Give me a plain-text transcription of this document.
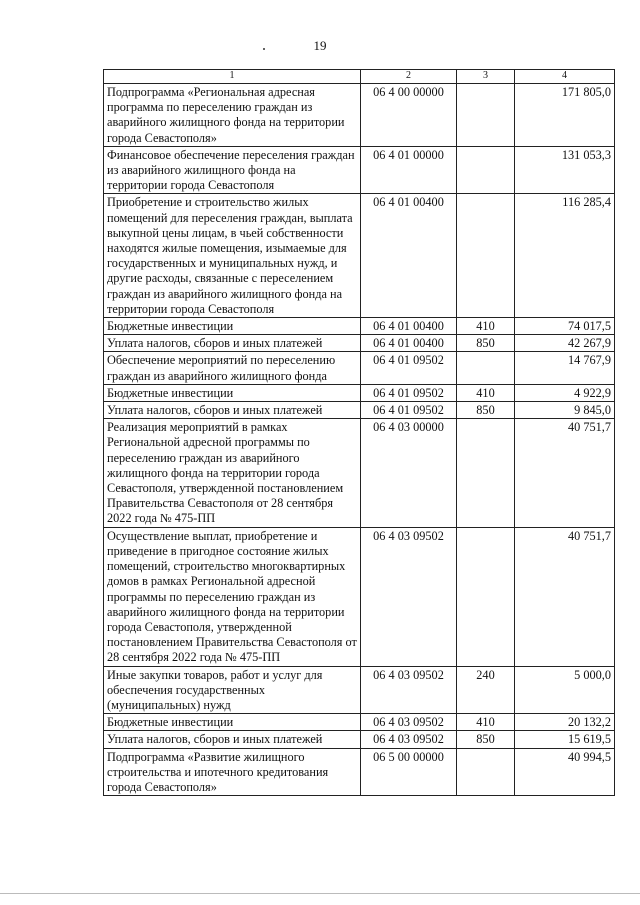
19
1	2	3	4
Подпрограмма «Региональная адресная программа по переселению граждан из аварийного жилищного фонда на территории города Севастополя»	06 4 00 00000		171 805,0
Финансовое обеспечение переселения граждан из аварийного жилищного фонда на территории города Севастополя	06 4 01 00000		131 053,3
Приобретение и строительство жилых помещений для переселения граждан, выплата выкупной цены лицам, в чьей собственности находятся жилые помещения, изымаемые для государственных и муниципальных нужд, и другие расходы, связанные с переселением граждан из аварийного жилищного фонда на территории города Севастополя	06 4 01 00400		116 285,4
Бюджетные инвестиции	06 4 01 00400	410	74 017,5
Уплата налогов, сборов и иных платежей	06 4 01 00400	850	42 267,9
Обеспечение мероприятий по переселению граждан из аварийного жилищного фонда	06 4 01 09502		14 767,9
Бюджетные инвестиции	06 4 01 09502	410	4 922,9
Уплата налогов, сборов и иных платежей	06 4 01 09502	850	9 845,0
Реализация мероприятий в рамках Региональной адресной программы по переселению граждан из аварийного жилищного фонда на территории города Севастополя, утвержденной постановлением Правительства Севастополя от 28 сентября 2022 года № 475-ПП	06 4 03 00000		40 751,7
Осуществление выплат, приобретение и приведение в пригодное состояние жилых помещений, строительство многоквартирных домов в рамках Региональной адресной программы по переселению граждан из аварийного жилищного фонда на территории города Севастополя, утвержденной постановлением Правительства Севастополя от 28 сентября 2022 года № 475-ПП	06 4 03 09502		40 751,7
Иные закупки товаров, работ и услуг для обеспечения государственных (муниципальных) нужд	06 4 03 09502	240	5 000,0
Бюджетные инвестиции	06 4 03 09502	410	20 132,2
Уплата налогов, сборов и иных платежей	06 4 03 09502	850	15 619,5
Подпрограмма «Развитие жилищного строительства и ипотечного кредитования города Севастополя»	06 5 00 00000		40 994,5
